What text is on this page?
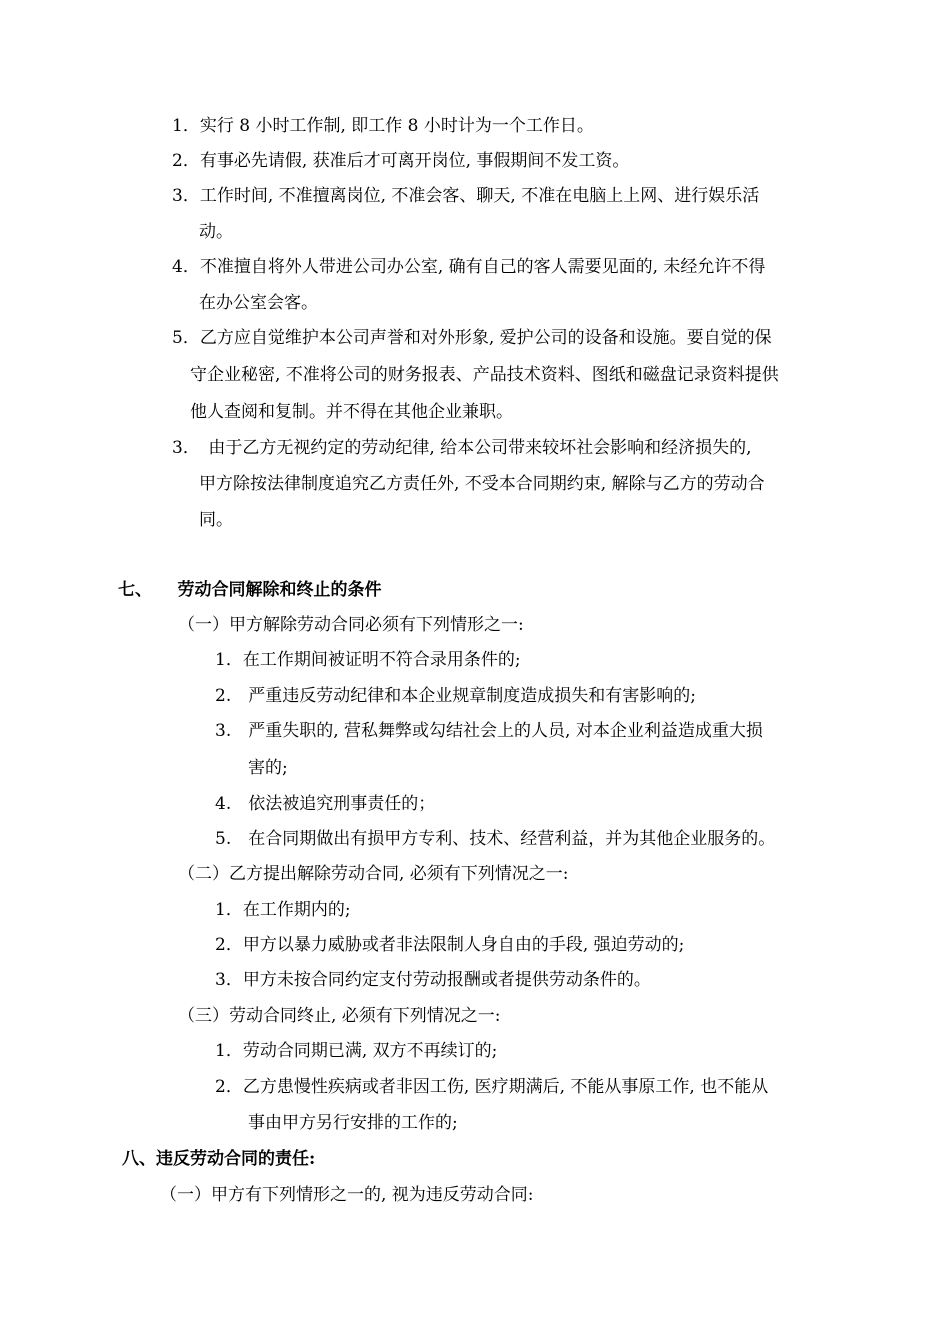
1．实行 8 小时工作制, 即工作 8 小时计为一个工作日。
2．有事必先请假, 获准后才可离开岗位, 事假期间不发工资。
3．工作时间, 不准擅离岗位, 不准会客、聊天, 不准在电脑上上网、进行娱乐活
动。
4．不准擅自将外人带进公司办公室, 确有自己的客人需要见面的, 未经允许不得
在办公室会客。
5．乙方应自觉维护本公司声誉和对外形象, 爱护公司的设备和设施。要自觉的保
守企业秘密, 不准将公司的财务报表、产品技术资料、图纸和磁盘记录资料提供
他人查阅和复制。并不得在其他企业兼职。
3．　由于乙方无视约定的劳动纪律, 给本公司带来较坏社会影响和经济损失的,
甲方除按法律制度追究乙方责任外, 不受本合同期约束, 解除与乙方的劳动合
同。
七、　　劳动合同解除和终止的条件
（一）甲方解除劳动合同必须有下列情形之一:
1．在工作期间被证明不符合录用条件的;
2.　严重违反劳动纪律和本企业规章制度造成损失和有害影响的;
3.　严重失职的, 营私舞弊或勾结社会上的人员, 对本企业利益造成重大损
害的;
4.　依法被追究刑事责任的；
5.　在合同期做出有损甲方专利、技术、经营利益，并为其他企业服务的。
（二）乙方提出解除劳动合同, 必须有下列情况之一:
1．在工作期内的;
2．甲方以暴力威胁或者非法限制人身自由的手段, 强迫劳动的;
3．甲方未按合同约定支付劳动报酬或者提供劳动条件的。
（三）劳动合同终止, 必须有下列情况之一:
1．劳动合同期已满, 双方不再续订的;
2．乙方患慢性疾病或者非因工伤, 医疗期满后, 不能从事原工作, 也不能从
事由甲方另行安排的工作的;
八、违反劳动合同的责任:
（一）甲方有下列情形之一的, 视为违反劳动合同:
